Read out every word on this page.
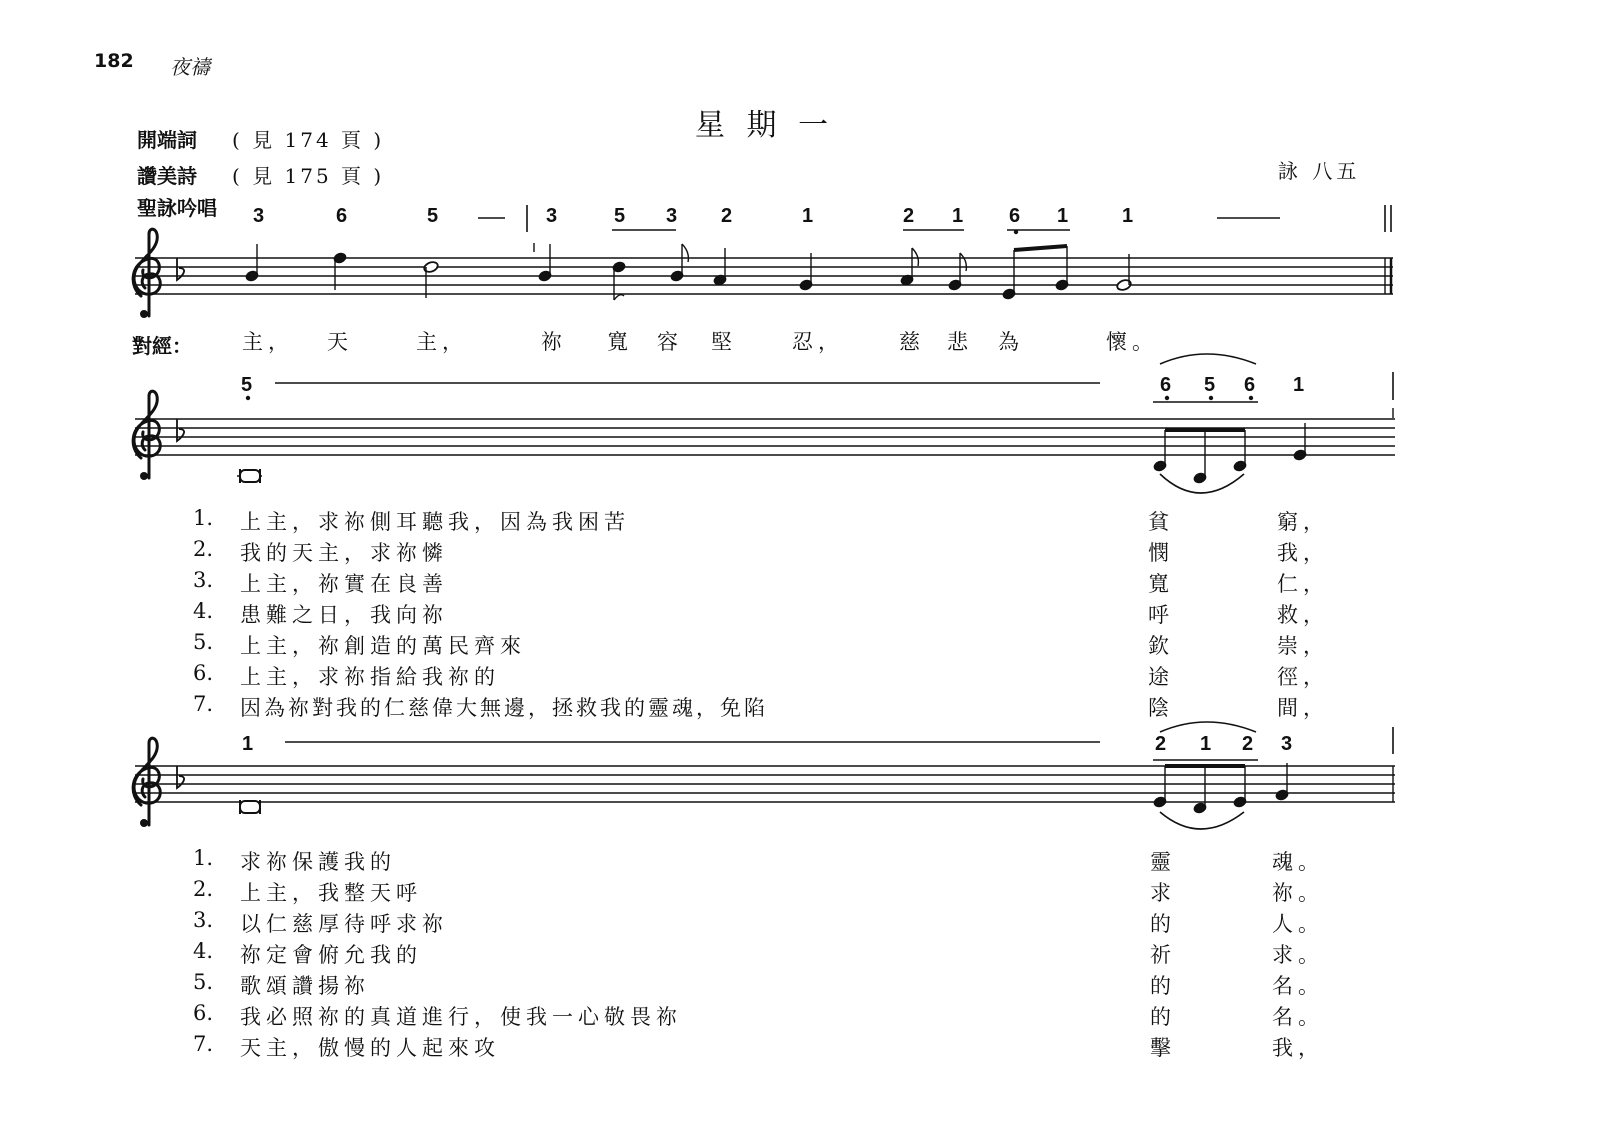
182 夜禱
星 期 一
開端詞 ( 見 174 頁 )
讚美詩 ( 見 175 頁 )
聖詠吟唱
詠 八五
3	6	5	3	5 3 2	1	2 1 6 1	1
對經： 主， 天	主，	祢 寬 容 堅	忍，	慈 悲 為	懷。
5	6 5 6 1
1. 上主，求祢側耳聽我，因為我困苦	貧	窮，
2. 我的天主，求祢憐	憫	我，
3. 上主，祢實在良善	寬	仁，
4. 患難之日，我向祢	呼	救，
5. 上主，祢創造的萬民齊來	欽	崇，
6. 上主，求祢指給我祢的	途	徑，
7. 因為祢對我的仁慈偉大無邊，拯救我的靈魂，免陷	陰	間，
1	2 1 2 3
1. 求祢保護我的	靈	魂。
2. 上主，我整天呼	求	祢。
3. 以仁慈厚待呼求祢	的	人。
4. 祢定會俯允我的	祈	求。
5. 歌頌讚揚祢	的	名。
6. 我必照祢的真道進行，使我一心敬畏祢	的	名。
7. 天主，傲慢的人起來攻	擊	我，
